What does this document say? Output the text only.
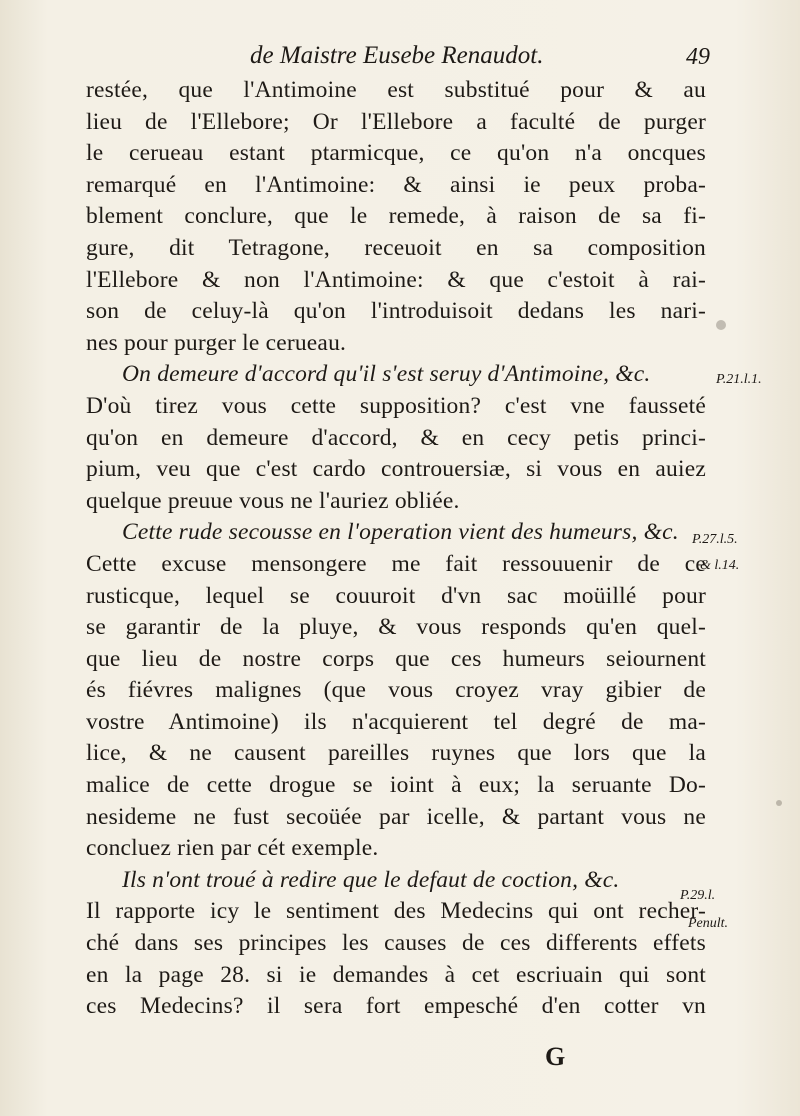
de Maistre Eusebe Renaudot.	49
restée, que l'Antimoine est substitué pour & au
lieu de l'Ellebore; Or l'Ellebore a faculté de purger
le cerueau estant ptarmicque, ce qu'on n'a oncques
remarqué en l'Antimoine: & ainsi ie peux proba-
blement conclure, que le remede, à raison de sa fi-
gure, dit Tetragone, receuoit en sa composition
l'Ellebore & non l'Antimoine: & que c'estoit à rai-
son de celuy-là qu'on l'introduisoit dedans les nari-
nes pour purger le cerueau.
On demeure d'accord qu'il s'est seruy d'Antimoine, &c.
D'où tirez vous cette supposition? c'est vne fausseté
qu'on en demeure d'accord, & en cecy petis princi-
pium, veu que c'est cardo controuersiæ, si vous en auiez
quelque preuue vous ne l'auriez obliée.
Cette rude secousse en l'operation vient des humeurs, &c.
Cette excuse mensongere me fait ressouuenir de ce
rusticque, lequel se couuroit d'vn sac moüillé pour
se garantir de la pluye, & vous responds qu'en quel-
que lieu de nostre corps que ces humeurs seiournent
és fiévres malignes (que vous croyez vray gibier de
vostre Antimoine) ils n'acquierent tel degré de ma-
lice, & ne causent pareilles ruynes que lors que la
malice de cette drogue se ioint à eux; la seruante Do-
nesideme ne fust secoüée par icelle, & partant vous ne
concluez rien par cét exemple.
Ils n'ont troué à redire que le defaut de coction, &c.
Il rapporte icy le sentiment des Medecins qui ont recher-
ché dans ses principes les causes de ces differents effets
en la page 28. si ie demandes à cet escriuain qui sont
ces Medecins? il sera fort empesché d'en cotter vn
P.21.l.1.
P.27.l.5.
& l.14.
P.29.l.
Penult.
G
